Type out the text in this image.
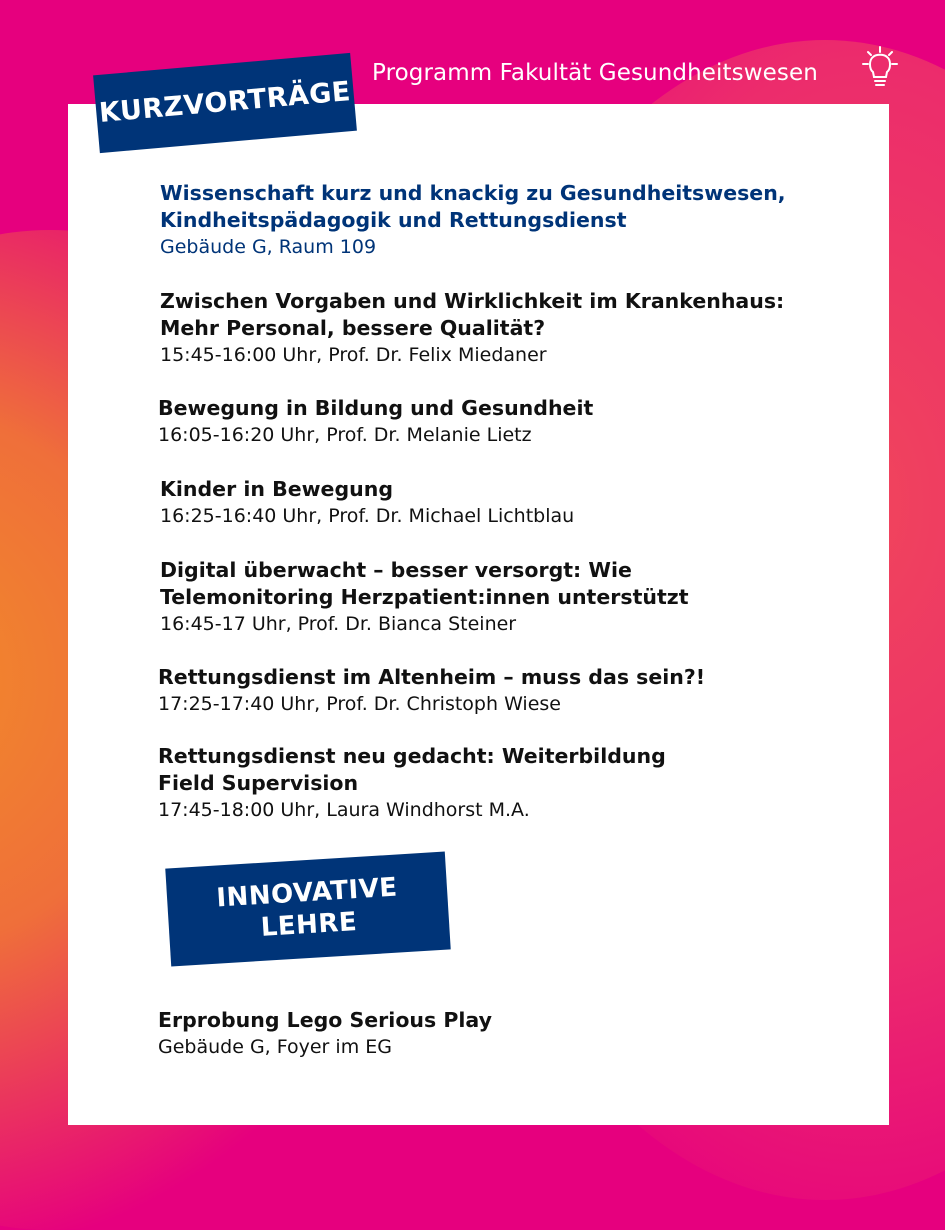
Programm Fakultät Gesundheitswesen
KURZVORTRÄGE
Wissenschaft kurz und knackig zu Gesundheitswesen,
Kindheitspädagogik und Rettungsdienst
Gebäude G, Raum 109
Zwischen Vorgaben und Wirklichkeit im Krankenhaus:
Mehr Personal, bessere Qualität?
15:45-16:00 Uhr, Prof. Dr. Felix Miedaner
Bewegung in Bildung und Gesundheit
16:05-16:20 Uhr, Prof. Dr. Melanie Lietz
Kinder in Bewegung
16:25-16:40 Uhr, Prof. Dr. Michael Lichtblau
Digital überwacht – besser versorgt: Wie
Telemonitoring Herzpatient:innen unterstützt
16:45-17 Uhr, Prof. Dr. Bianca Steiner
Rettungsdienst im Altenheim – muss das sein?!
17:25-17:40 Uhr, Prof. Dr. Christoph Wiese
Rettungsdienst neu gedacht: Weiterbildung
Field Supervision
17:45-18:00 Uhr, Laura Windhorst M.A.
INNOVATIVE
LEHRE
Erprobung Lego Serious Play
Gebäude G, Foyer im EG
